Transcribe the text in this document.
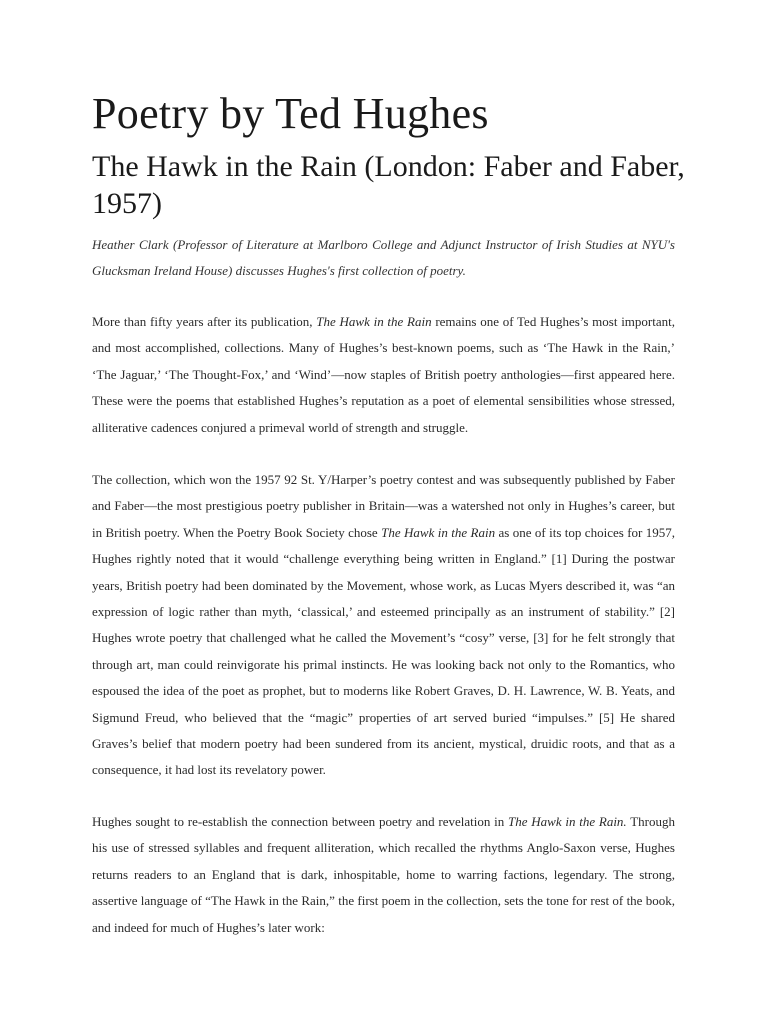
Poetry by Ted Hughes
The Hawk in the Rain (London: Faber and Faber, 1957)

Heather Clark (Professor of Literature at Marlboro College and Adjunct Instructor of Irish Studies at NYU's Glucksman Ireland House) discusses Hughes's first collection of poetry.

More than fifty years after its publication, The Hawk in the Rain remains one of Ted Hughes’s most important, and most accomplished, collections. Many of Hughes’s best-known poems, such as ‘The Hawk in the Rain,’ ‘The Jaguar,’ ‘The Thought-Fox,’ and ‘Wind’—now staples of British poetry anthologies—first appeared here. These were the poems that established Hughes’s reputation as a poet of elemental sensibilities whose stressed, alliterative cadences conjured a primeval world of strength and struggle.

The collection, which won the 1957 92 St. Y/Harper’s poetry contest and was subsequently published by Faber and Faber—the most prestigious poetry publisher in Britain—was a watershed not only in Hughes’s career, but in British poetry. When the Poetry Book Society chose The Hawk in the Rain as one of its top choices for 1957, Hughes rightly noted that it would “challenge everything being written in England.” [1] During the postwar years, British poetry had been dominated by the Movement, whose work, as Lucas Myers described it, was “an expression of logic rather than myth, ‘classical,’ and esteemed principally as an instrument of stability.” [2] Hughes wrote poetry that challenged what he called the Movement’s “cosy” verse, [3] for he felt strongly that through art, man could reinvigorate his primal instincts. He was looking back not only to the Romantics, who espoused the idea of the poet as prophet, but to moderns like Robert Graves, D. H. Lawrence, W. B. Yeats, and Sigmund Freud, who believed that the “magic” properties of art served buried “impulses.” [5] He shared Graves’s belief that modern poetry had been sundered from its ancient, mystical, druidic roots, and that as a consequence, it had lost its revelatory power.

Hughes sought to re-establish the connection between poetry and revelation in The Hawk in the Rain. Through his use of stressed syllables and frequent alliteration, which recalled the rhythms Anglo-Saxon verse, Hughes returns readers to an England that is dark, inhospitable, home to warring factions, legendary. The strong, assertive language of “The Hawk in the Rain,” the first poem in the collection, sets the tone for rest of the book, and indeed for much of Hughes’s later work:
